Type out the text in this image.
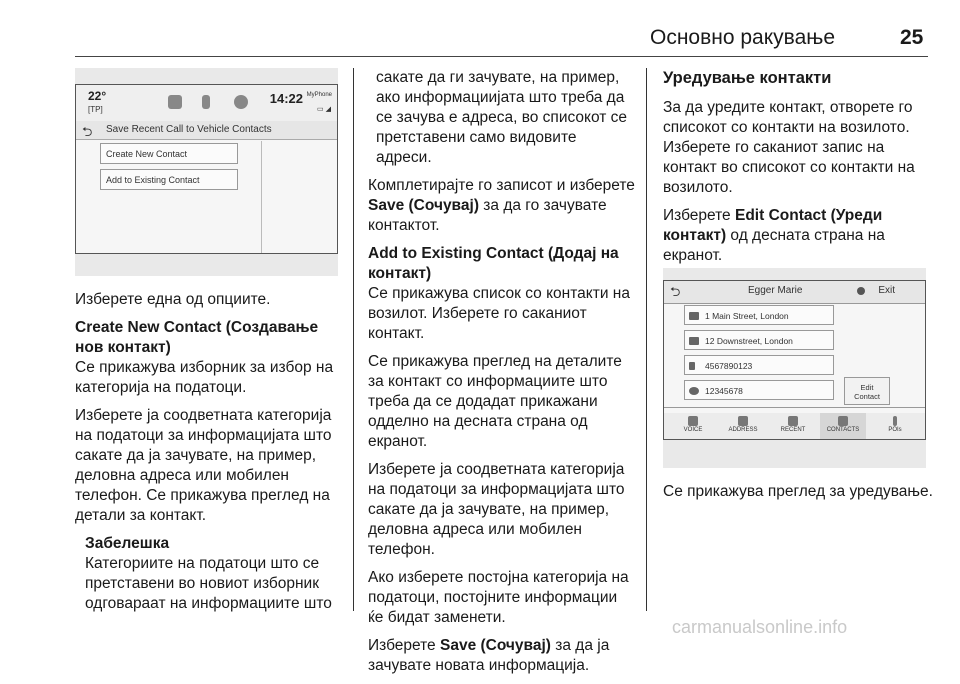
Основно ракување	25
22°
[TP]
14:22 MyPhone
▭ ◢
⮌ Save Recent Call to Vehicle Contacts
Create New Contact
Add to Existing Contact

Изберете една од опциите.

Create New Contact (Создавање нов контакт)

Се прикажува изборник за избор на категорија на податоци.

Изберете ја соодветната категорија на податоци за информацијата што сакате да ја зачувате, на пример, деловна адреса или мобилен телефон. Се прикажува преглед на детали за контакт.

Забелешка
Категориите на податоци што се претставени во новиот изборник одговараат на информациите што

сакате да ги зачувате, на пример, ако информациијата што треба да се зачува е адреса, во списокот се претставени само видовите адреси.

Комплетирајте го записот и изберете Save (Сочувај) за да го зачувате контактот.

Add to Existing Contact (Додај на контакт)

Се прикажува список со контакти на возилот. Изберете го саканиот контакт.

Се прикажува преглед на деталите за контакт со информациите што треба да се додадат прикажани одделно на десната страна од екранот.

Изберете ја соодветната категорија на податоци за информацијата што сакате да ја зачувате, на пример, деловна адреса или мобилен телефон.

Ако изберете постојна категорија на податоци, постојните информации ќе бидат заменети.

Изберете Save (Сочувај) за да ја зачувате новата информација.

Уредување контакти

За да уредите контакт, отворете го списокот со контакти на возилото. Изберете го саканиот запис на контакт во списокот со контакти на возилото.

Изберете Edit Contact (Уреди контакт) од десната страна на екранот.

⮌	Egger Marie	Exit
1 Main Street, London
12 Downstreet, London
4567890123
12345678	Edit
Contact
VOICE	ADDRESS	RECENT	CONTACTS	POIs

Се прикажува преглед за уредување.

carmanualsonline.info
